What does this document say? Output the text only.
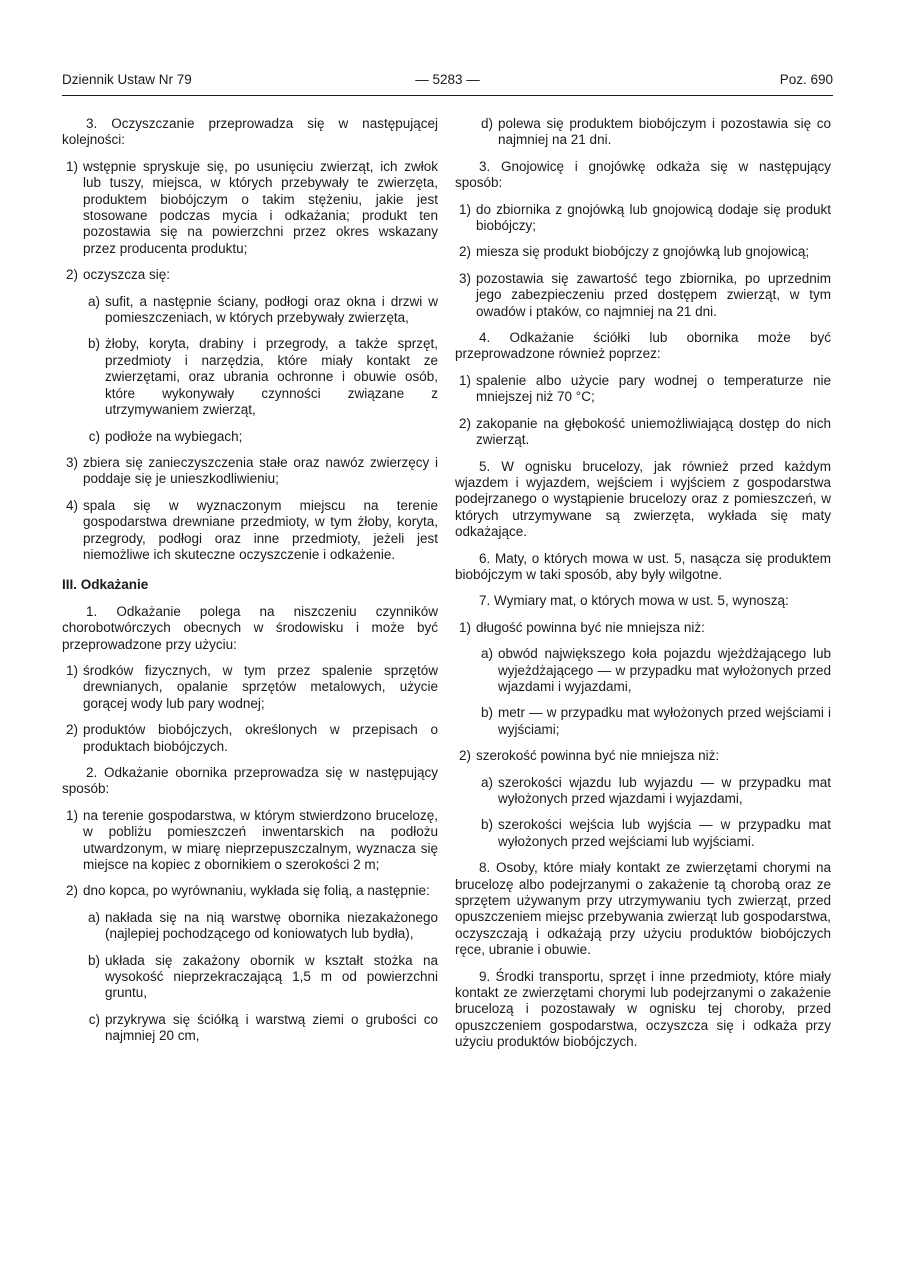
Dziennik Ustaw Nr 79	— 5283 —	Poz. 690

3. Oczyszczanie przeprowadza się w następującej kolejności:

1) wstępnie spryskuje się, po usunięciu zwierząt, ich zwłok lub tuszy, miejsca, w których przebywały te zwierzęta, produktem biobójczym o takim stężeniu, jakie jest stosowane podczas mycia i odkażania; produkt ten pozostawia się na powierzchni przez okres wskazany przez producenta produktu;
2) oczyszcza się:
a) sufit, a następnie ściany, podłogi oraz okna i drzwi w pomieszczeniach, w których przebywały zwierzęta,
b) żłoby, koryta, drabiny i przegrody, a także sprzęt, przedmioty i narzędzia, które miały kontakt ze zwierzętami, oraz ubrania ochronne i obuwie osób, które wykonywały czynności związane z utrzymywaniem zwierząt,
c) podłoże na wybiegach;
3) zbiera się zanieczyszczenia stałe oraz nawóz zwierzęcy i poddaje się je unieszkodliwieniu;
4) spala się w wyznaczonym miejscu na terenie gospodarstwa drewniane przedmioty, w tym żłoby, koryta, przegrody, podłogi oraz inne przedmioty, jeżeli jest niemożliwe ich skuteczne oczyszczenie i odkażenie.
III. Odkażanie

1. Odkażanie polega na niszczeniu czynników chorobotwórczych obecnych w środowisku i może być przeprowadzone przy użyciu:

1) środków fizycznych, w tym przez spalenie sprzętów drewnianych, opalanie sprzętów metalowych, użycie gorącej wody lub pary wodnej;
2) produktów biobójczych, określonych w przepisach o produktach biobójczych.

2. Odkażanie obornika przeprowadza się w następujący sposób:

1) na terenie gospodarstwa, w którym stwierdzono brucelozę, w pobliżu pomieszczeń inwentarskich na podłożu utwardzonym, w miarę nieprzepuszczalnym, wyznacza się miejsce na kopiec z obornikiem o szerokości 2 m;
2) dno kopca, po wyrównaniu, wykłada się folią, a następnie:
a) nakłada się na nią warstwę obornika niezakażonego (najlepiej pochodzącego od koniowatych lub bydła),
b) układa się zakażony obornik w kształt stożka na wysokość nieprzekraczającą 1,5 m od powierzchni gruntu,
c) przykrywa się ściółką i warstwą ziemi o grubości co najmniej 20 cm,
d) polewa się produktem biobójczym i pozostawia się co najmniej na 21 dni.

3. Gnojowicę i gnojówkę odkaża się w następujący sposób:

1) do zbiornika z gnojówką lub gnojowicą dodaje się produkt biobójczy;
2) miesza się produkt biobójczy z gnojówką lub gnojowicą;
3) pozostawia się zawartość tego zbiornika, po uprzednim jego zabezpieczeniu przed dostępem zwierząt, w tym owadów i ptaków, co najmniej na 21 dni.

4. Odkażanie ściółki lub obornika może być przeprowadzone również poprzez:

1) spalenie albo użycie pary wodnej o temperaturze nie mniejszej niż 70 °C;
2) zakopanie na głębokość uniemożliwiającą dostęp do nich zwierząt.

5. W ognisku brucelozy, jak również przed każdym wjazdem i wyjazdem, wejściem i wyjściem z gospodarstwa podejrzanego o wystąpienie brucelozy oraz z pomieszczeń, w których utrzymywane są zwierzęta, wykłada się maty odkażające.

6. Maty, o których mowa w ust. 5, nasącza się produktem biobójczym w taki sposób, aby były wilgotne.

7. Wymiary mat, o których mowa w ust. 5, wynoszą:

1) długość powinna być nie mniejsza niż:
a) obwód największego koła pojazdu wjeżdżającego lub wyjeżdżającego — w przypadku mat wyłożonych przed wjazdami i wyjazdami,
b) metr — w przypadku mat wyłożonych przed wejściami i wyjściami;
2) szerokość powinna być nie mniejsza niż:
a) szerokości wjazdu lub wyjazdu — w przypadku mat wyłożonych przed wjazdami i wyjazdami,
b) szerokości wejścia lub wyjścia — w przypadku mat wyłożonych przed wejściami lub wyjściami.

8. Osoby, które miały kontakt ze zwierzętami chorymi na brucelozę albo podejrzanymi o zakażenie tą chorobą oraz ze sprzętem używanym przy utrzymywaniu tych zwierząt, przed opuszczeniem miejsc przebywania zwierząt lub gospodarstwa, oczyszczają i odkażają przy użyciu produktów biobójczych ręce, ubranie i obuwie.

9. Środki transportu, sprzęt i inne przedmioty, które miały kontakt ze zwierzętami chorymi lub podejrzanymi o zakażenie brucelozą i pozostawały w ognisku tej choroby, przed opuszczeniem gospodarstwa, oczyszcza się i odkaża przy użyciu produktów biobójczych.
